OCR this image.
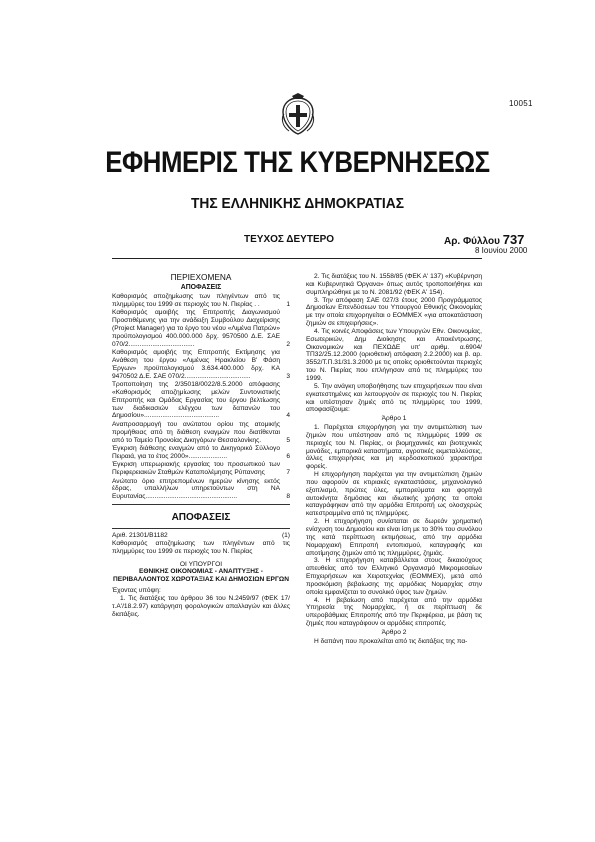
10051
ΕΦΗΜΕΡΙΣ ΤΗΣ ΚΥΒΕΡΝΗΣΕΩΣ
ΤΗΣ ΕΛΛΗΝΙΚΗΣ ΔΗΜΟΚΡΑΤΙΑΣ
ΤΕΥΧΟΣ ΔΕΥΤΕΡΟ	Αρ. Φύλλου 737
8 Ιουνίου 2000

ΠΕΡΙΕΧΟΜΕΝΑ

ΑΠΟΦΑΣΕΙΣ

Καθορισμός αποζημίωσης των πληγέντων από τις πλημμύρες του 1999 σε περιοχές του Ν. Πιερίας . .	1
Καθορισμός αμοιβής της Επιτροπής Διαγωνισμού Προστιθέμενης για την ανάδειξη Συμβούλου Διαχείρισης (Project Manager) για το έργο του νέου «Λιμένα Πατρών» προϋπολογισμού 400.000.000 δρχ. 9570500 Δ.Ε. ΣΑΕ 070/2....................................	2
Καθορισμός αμοιβής της Επιτροπής Εκτίμησης για Ανάθεση του έργου «Λιμένας Ηρακλείου Β' Φάση Έργων» προϋπολογισμού 3.634.400.000 δρχ. ΚΑ 9470502 Δ.Ε. ΣΑΕ 070/2....................................	3
Τροποποίηση της 2/35018/0022/8.5.2000 απόφασης «Καθορισμός αποζημίωσης μελών Συντονιστικής Επιτροπής και Ομάδας Εργασίας του έργου βελτίωσης των διαδικασιών ελέγχου των δαπανών του Δημοσίου».........................................	4
Αναπροσαρμογή του ανώτατου ορίου της ατομικής προμήθειας από τη διάθεση εναγμών που διατίθενται από το Ταμείο Προνοίας Δικηγόρων Θεσσαλονίκης.	5
Έγκριση διάθεσης εναγμών από το Δικηγορικό Σύλλογο Πειραιά, για το έτος 2000».....................	6
Έγκριση υπερωριακής εργασίας του προσωπικού των Περιφερειακών Σταθμών Καταπολέμησης Ρύπανσης	7
Ανώτατο όριο επιτρεπομένων ημερών κίνησης εκτός έδρας, υπαλλήλων υπηρετούντων στη ΝΑ Ευρυτανίας..................................................	8

ΑΠΟΦΑΣΕΙΣ

Αριθ. 21301/Β1182	(1)

Καθορισμός αποζημίωσης των πληγέντων από τις πλημμύρες του 1999 σε περιοχές του Ν. Πιερίας

ΟΙ ΥΠΟΥΡΓΟΙ

ΕΘΝΙΚΗΣ ΟΙΚΟΝΟΜΙΑΣ - ΑΝΑΠΤΥΞΗΣ - ΠΕΡΙΒΑΛΛΟΝΤΟΣ ΧΩΡΟΤΑΞΙΑΣ ΚΑΙ ΔΗΜΟΣΙΩΝ ΕΡΓΩΝ

Έχοντας υπόψη:

1. Τις διατάξεις του άρθρου 36 του Ν.2459/97 (ΦΕΚ 17/τ.Α'/18.2.97) κατάργηση φορολογικών απαλλαγών και άλλες διατάξεις.

2. Τις διατάξεις του Ν. 1558/85 (ΦΕΚ Α' 137) «Κυβέρνηση και Κυβερνητικά Όργανα» όπως αυτός τροποποιήθηκε και συμπληρώθηκε με το Ν. 2081/92 (ΦΕΚ Α' 154).

3. Την απόφαση ΣΑΕ 027/3 έτους 2000 Προγράμματος Δημοσίων Επενδύσεων του Υπουργού Εθνικής Οικονομίας με την οποία επιχορηγείται ο ΕΟΜΜΕΧ «για αποκατάσταση ζημιών σε επιχειρήσεις».

4. Τις κοινές Αποφάσεις των Υπουργών Εθν. Οικονομίας, Εσωτερικών, Δημ Διοίκησης και Αποκέντρωσης, Οικονομικών και ΠΕΧΩΔΕ υπ' αριθμ. α.6904/ΤΠ32/25.12.2000 (οριοθετική απόφαση 2.2.2000) και β. αρ. 3552/Τ.Π.31/31.3.2000 με τις οποίες οριοθετούνται περιοχές του Ν. Πιερίας που επλήγησαν από τις πλημμύρες του 1999.

5. Την ανάγκη υποβοήθησης των επιχειρήσεων που είναι εγκατεστημένες και λειτουργούν σε περιοχές του Ν. Πιερίας και υπέστησαν ζημιές από τις πλημμύρες του 1999, αποφασίζουμε:

Άρθρο 1

1. Παρέχεται επιχορήγηση για την αντιμετώπιση των ζημιών που υπέστησαν από τις πλημμύρες 1999 σε περιοχές του Ν. Πιερίας, οι βιομηχανικές και βιοτεχνικές μονάδες, εμπορικά καταστήματα, αγροτικές εκμεταλλεύσεις, άλλες επιχειρήσεις και μη κερδοσκοπικού χαρακτήρα φορείς.

Η επιχορήγηση παρέχεται για την αντιμετώπιση ζημιών που αφορούν σε κτιριακές εγκαταστάσεις, μηχανολογικό εξοπλισμό, πρώτες ύλες, εμπορεύματα και φορτηγά αυτοκίνητα δημόσιας και ιδιωτικής χρήσης τα οποία καταγράφηκαν από την αρμόδια Επιτροπή ως ολοσχερώς κατεστραμμένα από τις πλημμύρες.

2. Η επιχορήγηση συνίσταται σε δωρεάν χρηματική ενίσχυση του Δημοσίου και είναι ίση με το 30% του συνόλου της κατά περίπτωση εκτιμήσεως, από την αρμόδια Νομαρχιακή Επιτροπή εντοπισμού, καταγραφής και αποτίμησης ζημιών από τις πλημμύρες, ζημιάς.

3. Η επιχορήγηση καταβάλλεται στους δικαιούχους απευθείας από τον Ελληνικό Οργανισμό Μικρομεσαίων Επιχειρήσεων και Χειροτεχνίας (ΕΟΜΜΕΧ), μετά από προσκόμιση βεβαίωσης της αρμόδιας Νομαρχίας στην οποία εμφανίζεται το συνολικό ύψος των ζημιών.

4. Η βεβαίωση από παρέχεται από την αρμόδια Υπηρεσία της Νομαρχίας, ή σε περίπτωση δε υπεροβάθμιας Επιτροπής από την Περιφέρεια, με βάση τις ζημιές που καταγράφουν οι αρμόδιες επιτροπές.

Άρθρο 2

Η δαπάνη που προκαλείται από τις διατάξεις της πα-
